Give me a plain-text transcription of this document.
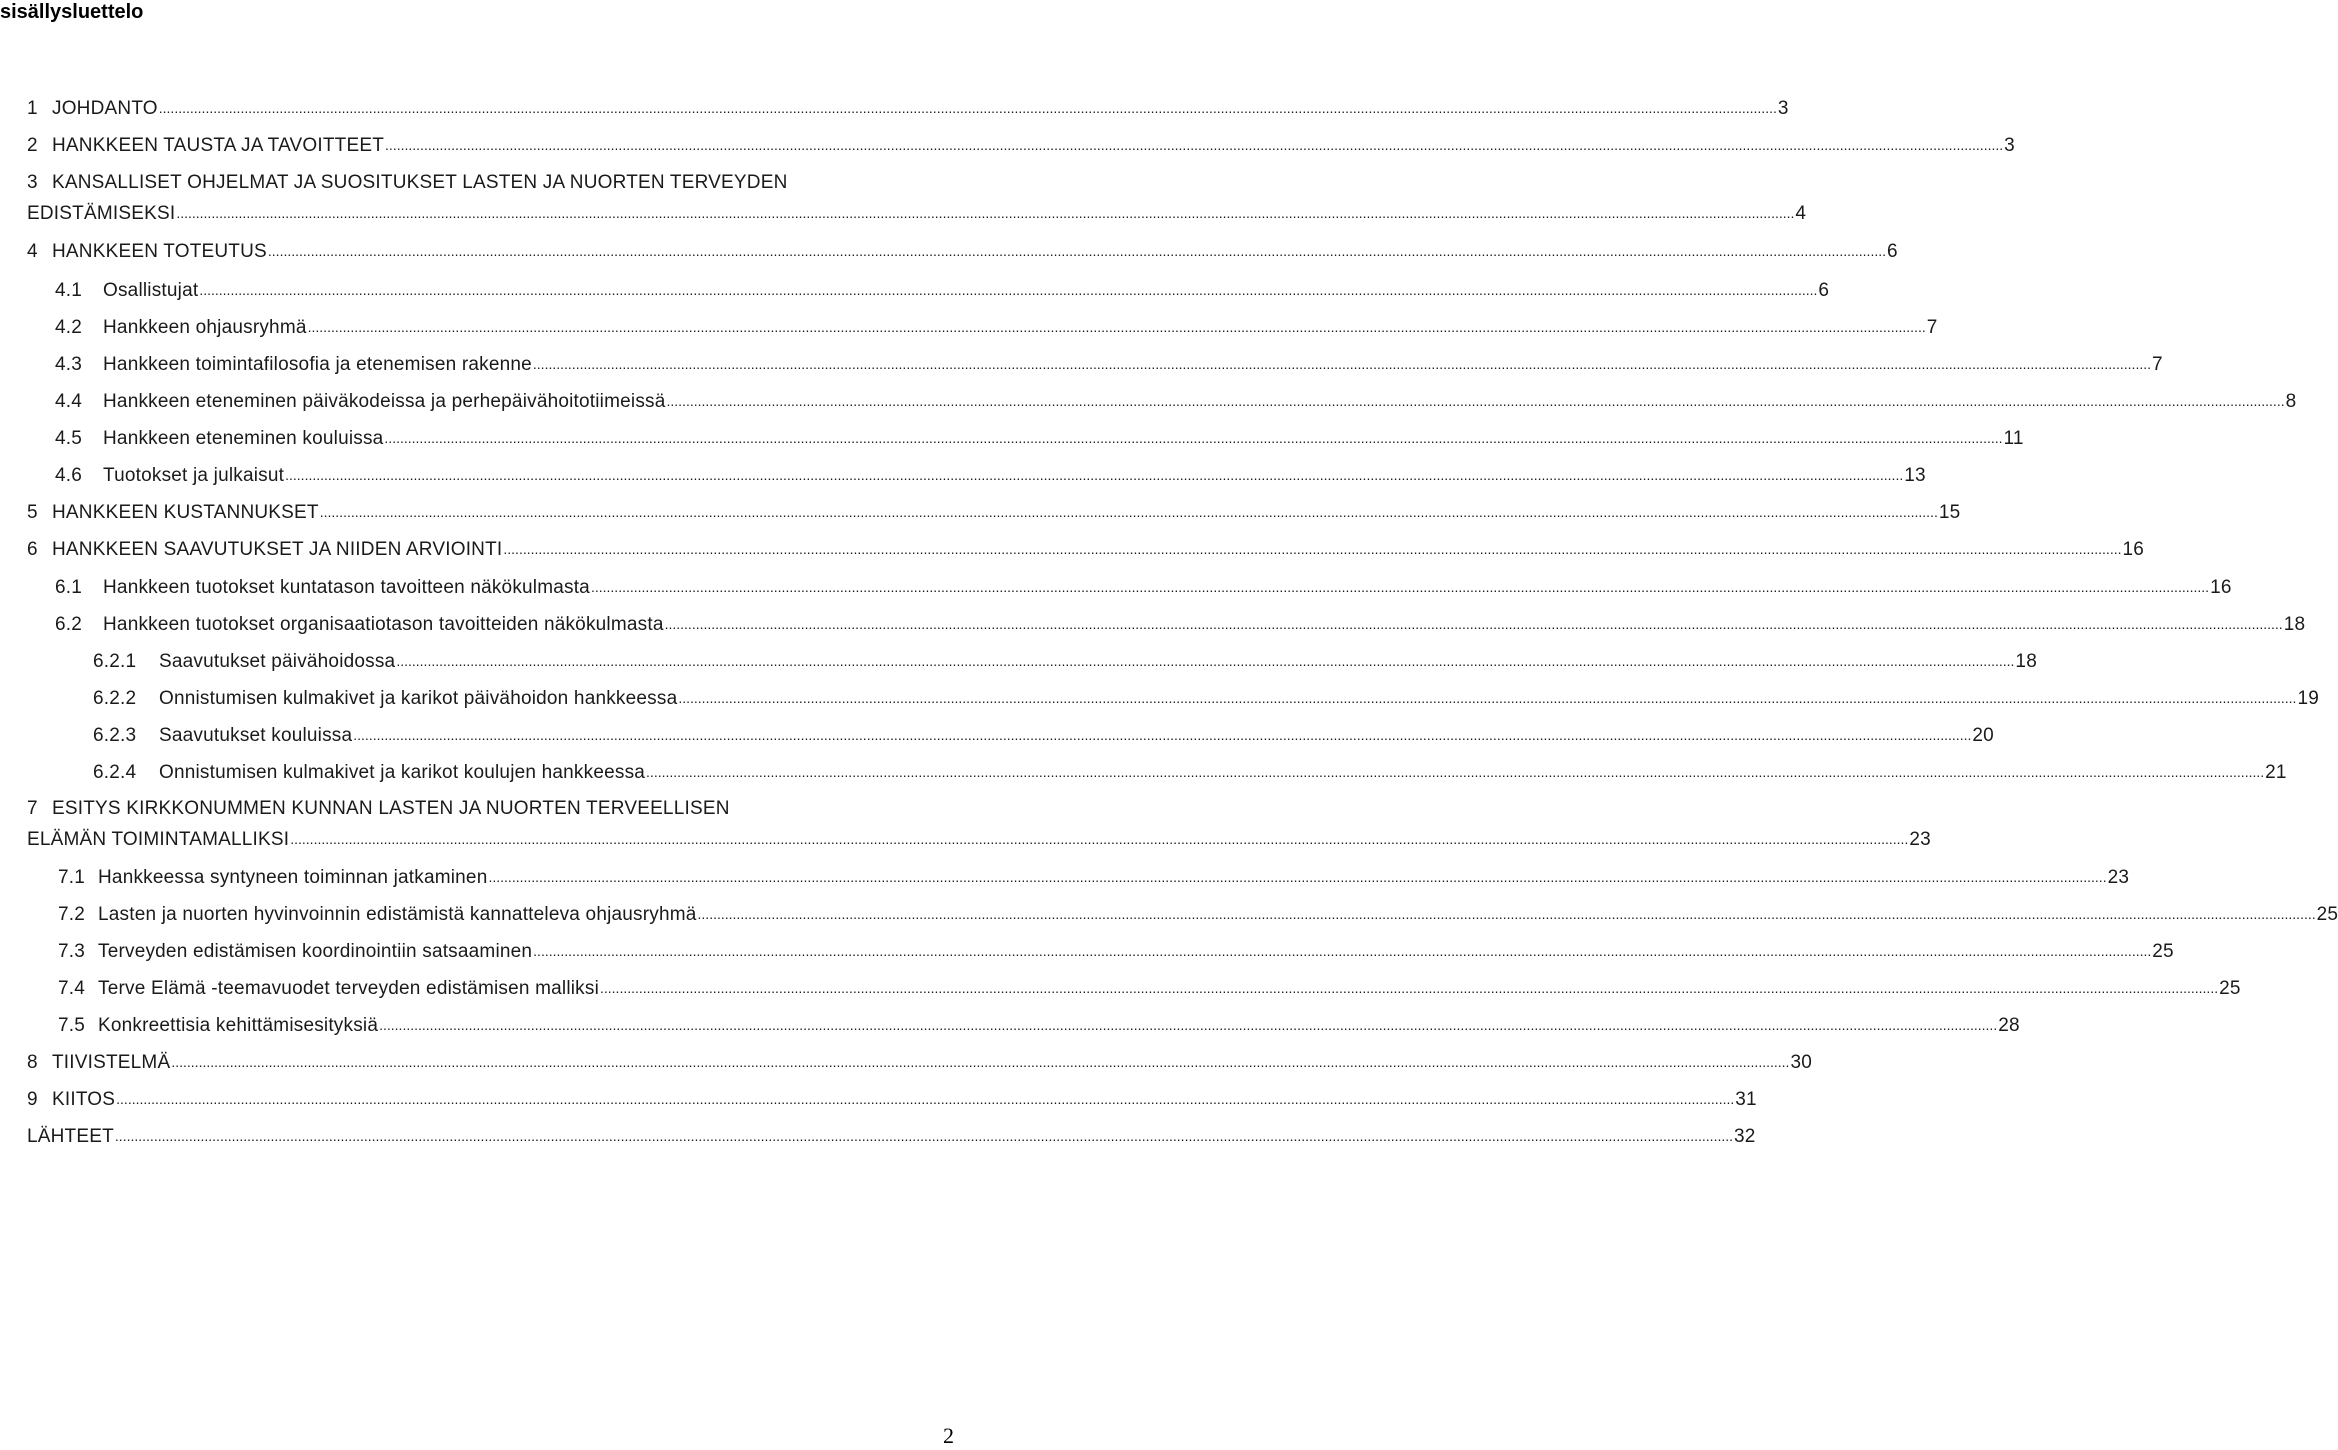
sisällysluettelo
1 JOHDANTO .....	3
2 HANKKEEN TAUSTA JA TAVOITTEET .....	3
3 KANSALLISET OHJELMAT JA SUOSITUKSET LASTEN JA NUORTEN TERVEYDEN
EDISTÄMISEKSI .....	4
4 HANKKEEN TOTEUTUS .....	6
4.1	Osallistujat .....	6
4.2	Hankkeen ohjausryhmä .....	7
4.3	Hankkeen toimintafilosofia ja etenemisen rakenne .....	7
4.4	Hankkeen eteneminen päiväkodeissa ja perhepäivähoitotiimeissä .....	8
4.5	Hankkeen eteneminen kouluissa .....	11
4.6	Tuotokset ja julkaisut .....	13
5 HANKKEEN KUSTANNUKSET .....	15
6 HANKKEEN SAAVUTUKSET JA NIIDEN ARVIOINTI .....	16
6.1	Hankkeen tuotokset kuntatason tavoitteen näkökulmasta .....	16
6.2	Hankkeen tuotokset organisaatiotason tavoitteiden näkökulmasta .....	18
6.2.1	Saavutukset päivähoidossa .....	18
6.2.2	Onnistumisen kulmakivet ja karikot päivähoidon hankkeessa .....	19
6.2.3	Saavutukset kouluissa .....	20
6.2.4	Onnistumisen kulmakivet ja karikot koulujen hankkeessa .....	21
7 ESITYS KIRKKONUMMEN KUNNAN LASTEN JA NUORTEN TERVEELLISEN
ELÄMÄN TOIMINTAMALLIKSI .....	23
7.1 Hankkeessa syntyneen toiminnan jatkaminen .....	23
7.2 Lasten ja nuorten hyvinvoinnin edistämistä kannatteleva ohjausryhmä .....	25
7.3 Terveyden edistämisen koordinointiin satsaaminen .....	25
7.4 Terve Elämä -teemavuodet terveyden edistämisen malliksi .....	25
7.5 Konkreettisia kehittämisesityksiä .....	28
8 TIIVISTELMÄ .....	30
9 KIITOS .....	31
LÄHTEET .....	32
2
